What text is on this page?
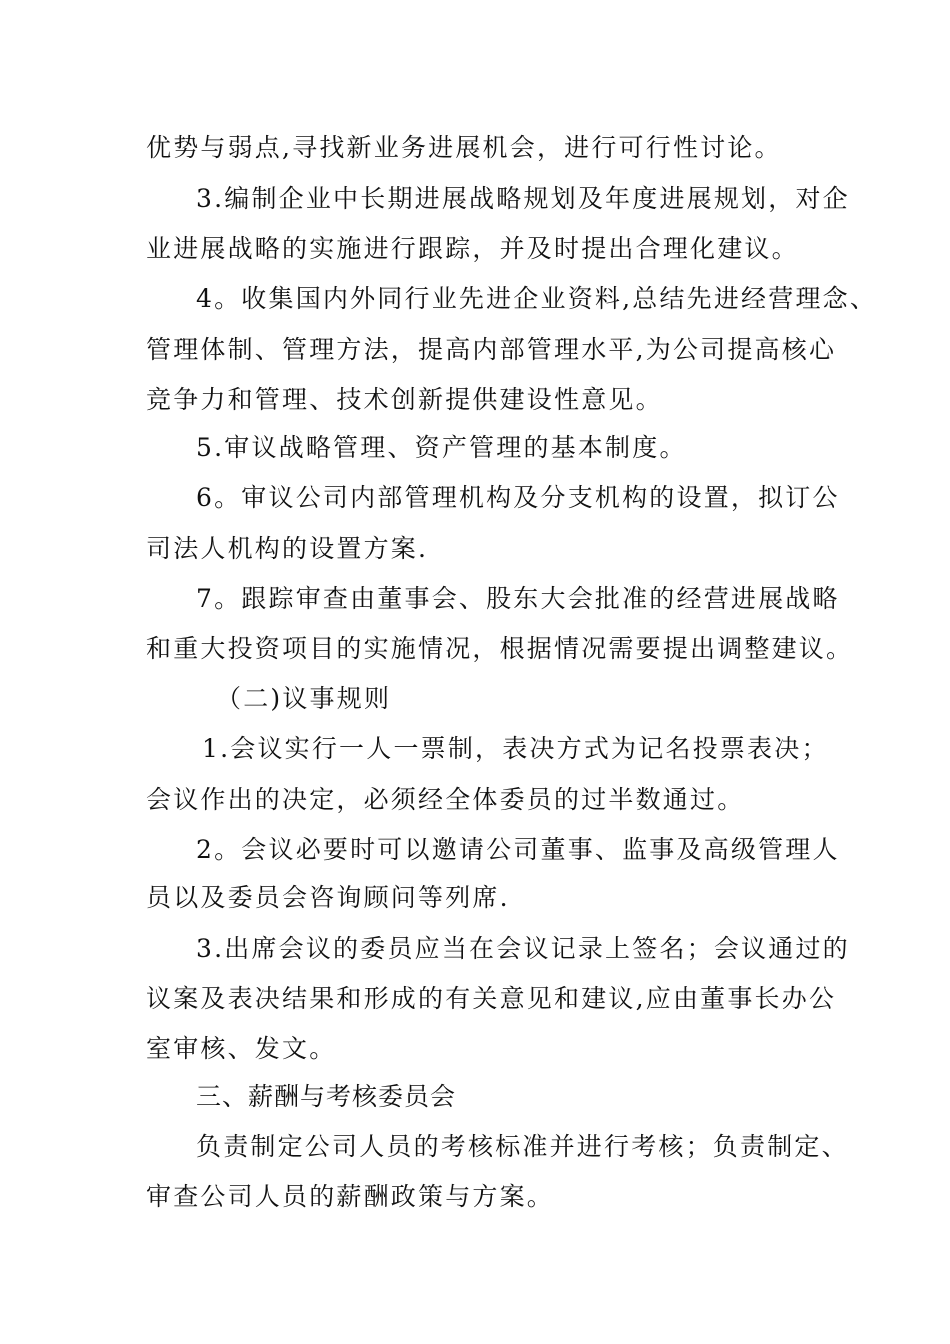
优势与弱点,寻找新业务进展机会，进行可行性讨论。
3.编制企业中长期进展战略规划及年度进展规划，对企
业进展战略的实施进行跟踪，并及时提出合理化建议。
4。收集国内外同行业先进企业资料,总结先进经营理念、
管理体制、管理方法，提高内部管理水平,为公司提高核心
竞争力和管理、技术创新提供建设性意见。
5.审议战略管理、资产管理的基本制度。
6。审议公司内部管理机构及分支机构的设置，拟订公
司法人机构的设置方案.
7。跟踪审查由董事会、股东大会批准的经营进展战略
和重大投资项目的实施情况，根据情况需要提出调整建议。
（二)议事规则
1.会议实行一人一票制，表决方式为记名投票表决；
会议作出的决定，必须经全体委员的过半数通过。
2。会议必要时可以邀请公司董事、监事及高级管理人
员以及委员会咨询顾问等列席.
3.出席会议的委员应当在会议记录上签名；会议通过的
议案及表决结果和形成的有关意见和建议,应由董事长办公
室审核、发文。
三、薪酬与考核委员会
负责制定公司人员的考核标准并进行考核；负责制定、
审查公司人员的薪酬政策与方案。
